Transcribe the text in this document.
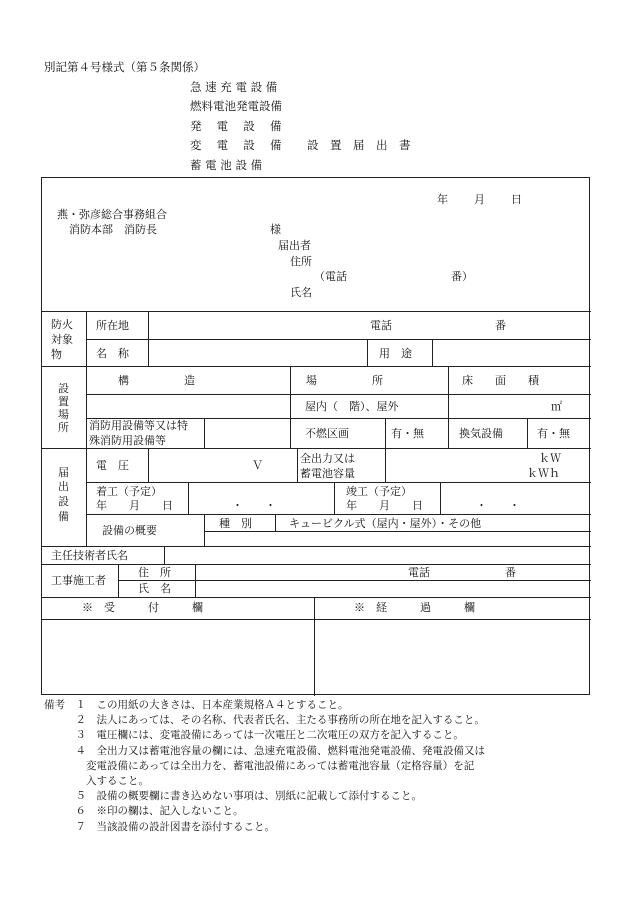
別記第４号様式（第５条関係）
急 速 充 電 設 備
燃料電池発電設備
発　 電　 設　 備
変　 電　 設　 備 設　置　届　出　書
蓄 電 池 設 備
年 月 日
燕・弥彦総合事務組合
消防本部　消防長	様
届出者
住所
（電話	番）
氏名
防火
対象
物
所在地	電話	番
名　称	用　途
設
置
場
所
構　　　　　造	場　　　　　所	床　　面　　積
屋内（　階）、屋外	㎡
消防用設備等又は特
殊消防用設備等
不燃区画	有・無	換気設備	有・無
届
出
設
備
電　圧	Ｖ
全出力又は
蓄電池容量
ｋＷ
ｋＷｈ
着工（予定）
年　　月　　日	・　　・
竣工（予定）
年　　月　　日	・　　・
設備の概要
種　別	キュービクル式（屋内・屋外）・その他
主任技術者氏名
工事施工者
住　所	電話	番
氏　名
※　受　　　付　　　欄	※　経　　　過　　　欄
備考　１　この用紙の大きさは、日本産業規格Ａ４とすること。
　　　２　法人にあっては、その名称、代表者氏名、主たる事務所の所在地を記入すること。
　　　３　電圧欄には、変電設備にあっては一次電圧と二次電圧の双方を記入すること。
　　　４　全出力又は蓄電池容量の欄には、急速充電設備、燃料電池発電設備、発電設備又は
　　　　変電設備にあっては全出力を、蓄電池設備にあっては蓄電池容量（定格容量）を記
　　　　入すること。
　　　５　設備の概要欄に書き込めない事項は、別紙に記載して添付すること。
　　　６　※印の欄は、記入しないこと。
　　　７　当該設備の設計図書を添付すること。
